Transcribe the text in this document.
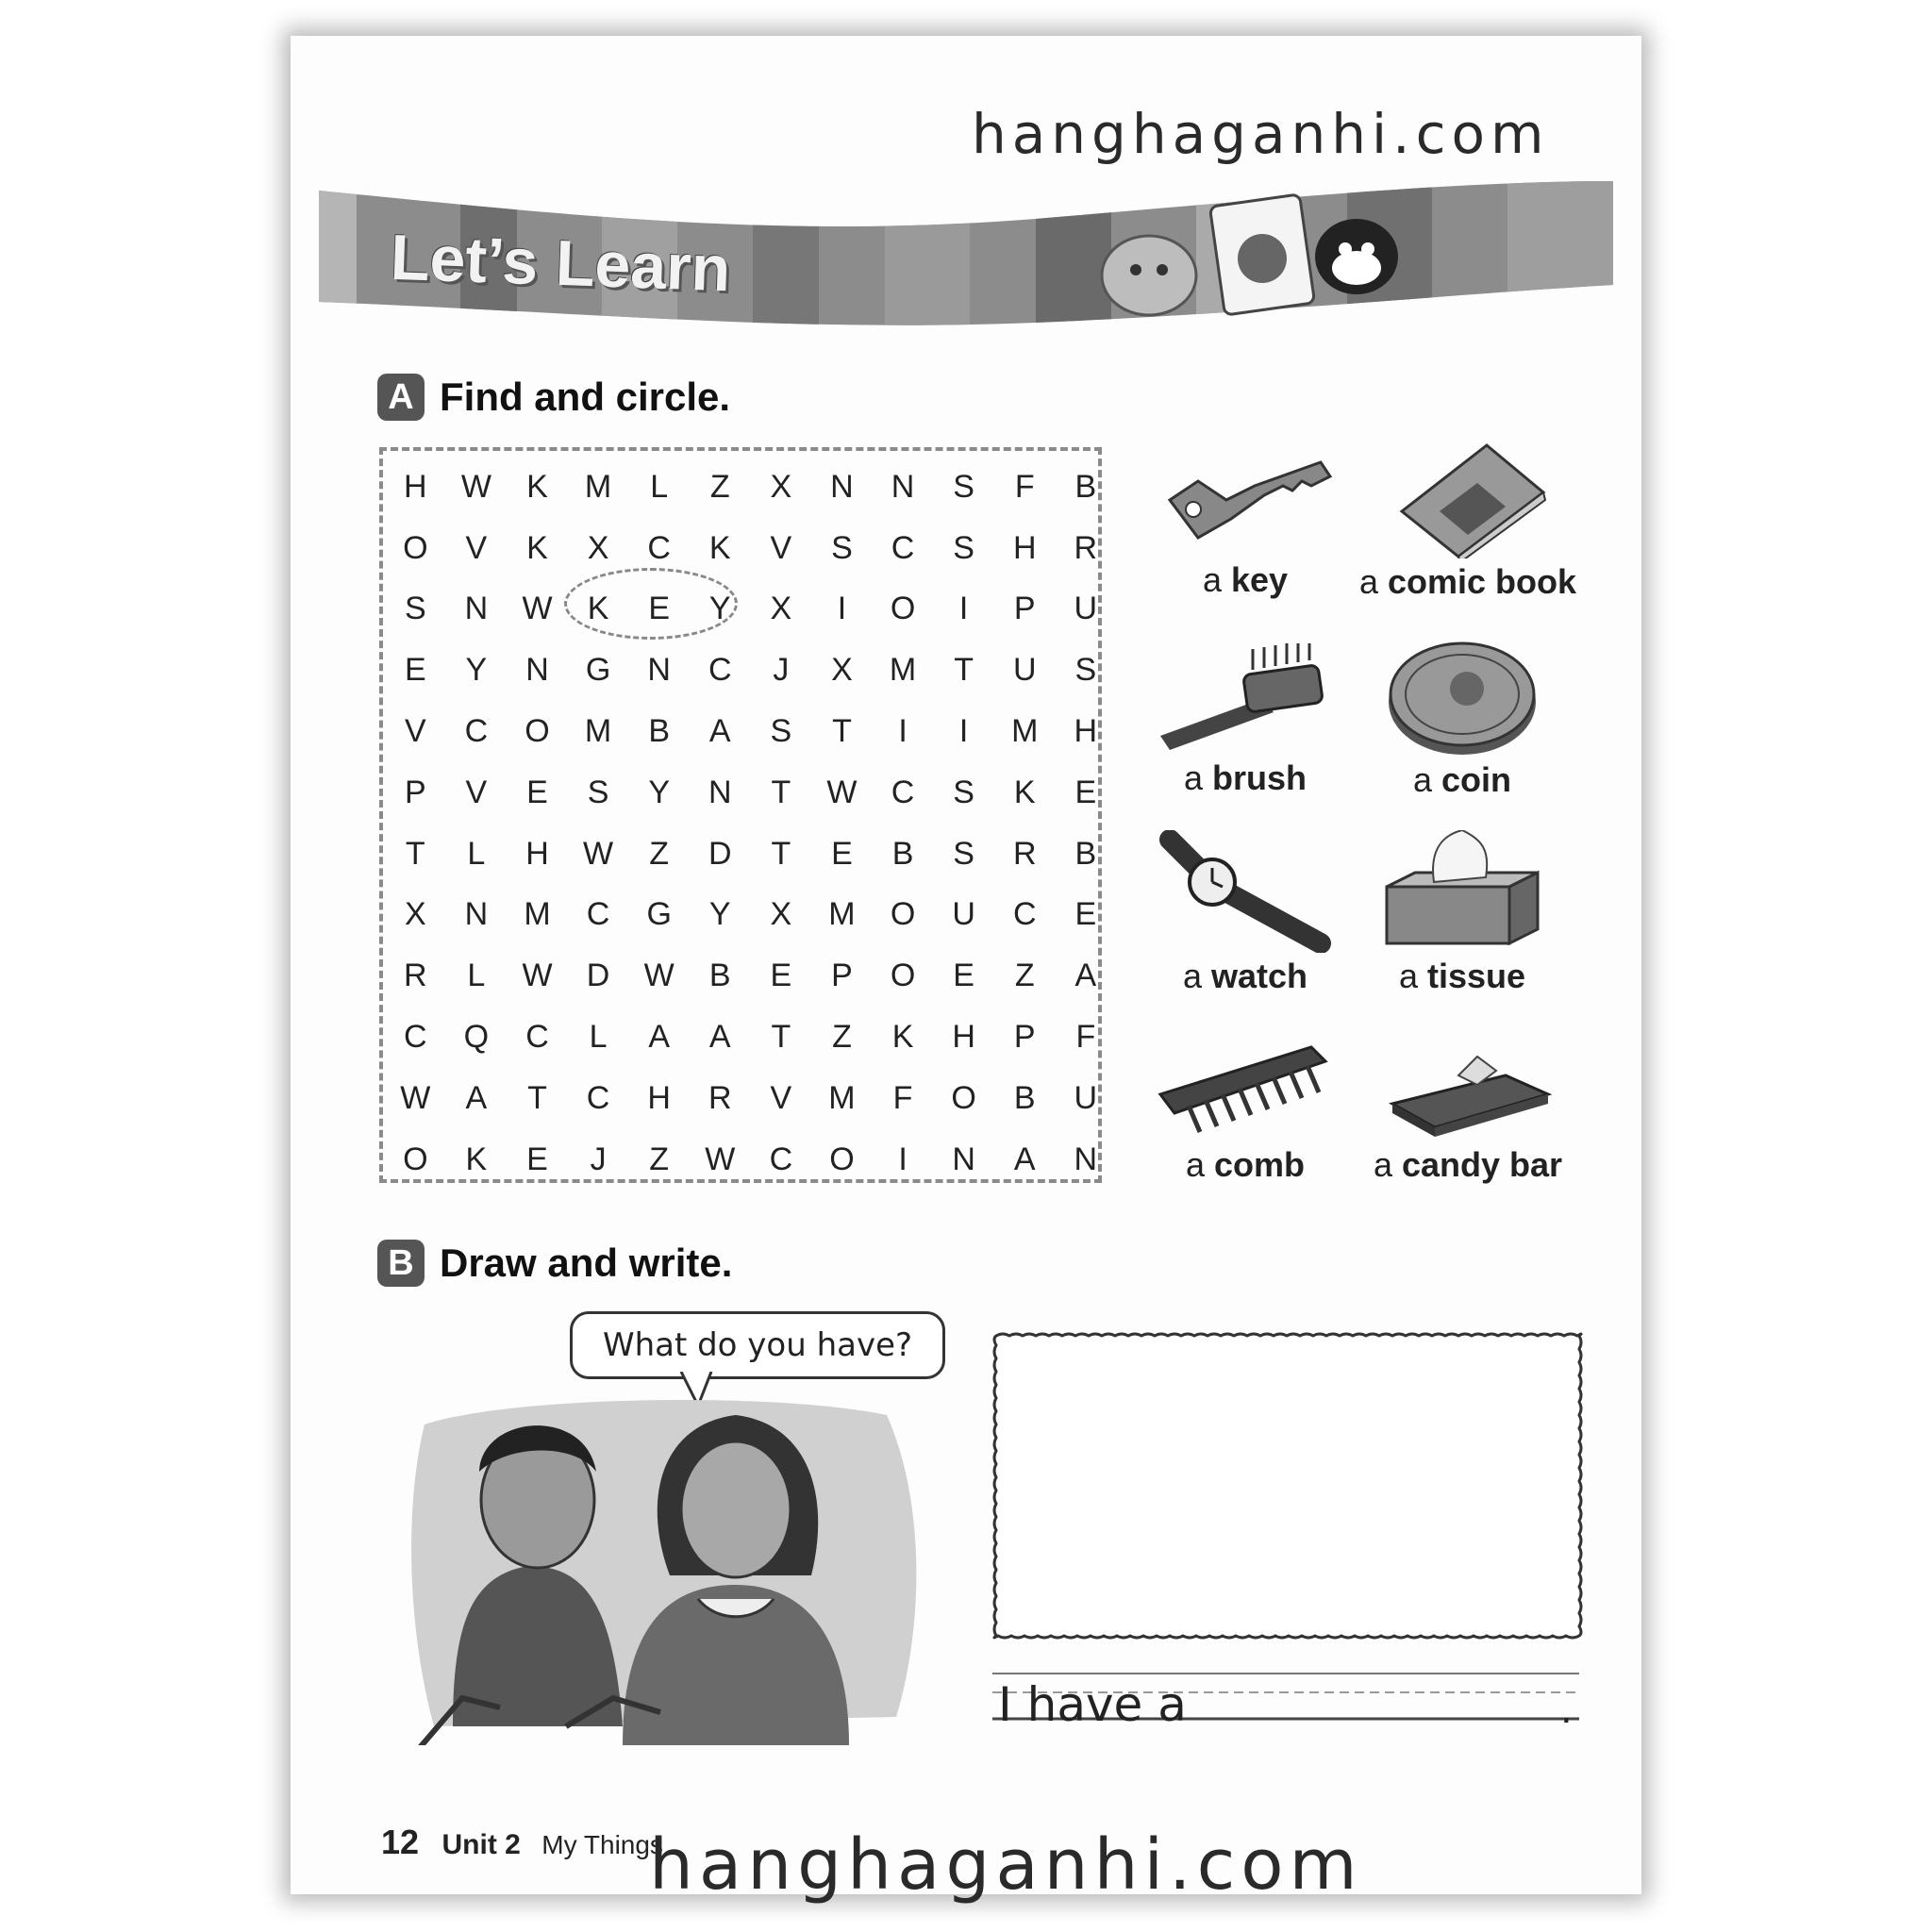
hanghaganhi.com
Let’s Learn
A Find and circle.
H	W	K	M	L	Z	X	N	N	S	F	B
O	V	K	X	C	K	V	S	C	S	H	R
S	N	W	K	E	Y	X	I	O	I	P	U
E	Y	N	G	N	C	J	X	M	T	U	S
V	C	O	M	B	A	S	T	I	I	M	H
P	V	E	S	Y	N	T	W	C	S	K	E
T	L	H	W	Z	D	T	E	B	S	R	B
X	N	M	C	G	Y	X	M	O	U	C	E
R	L	W	D	W	B	E	P	O	E	Z	A
C	Q	C	L	A	A	T	Z	K	H	P	F
W	A	T	C	H	R	V	M	F	O	B	U
O	K	E	J	Z	W	C	O	I	N	A	N
a key	a comic book
a brush	a coin
a watch	a tissue
a comb	a candy bar
B Draw and write.
What do you have?
I have a	.
12 Unit 2 My Things
hanghaganhi.com
